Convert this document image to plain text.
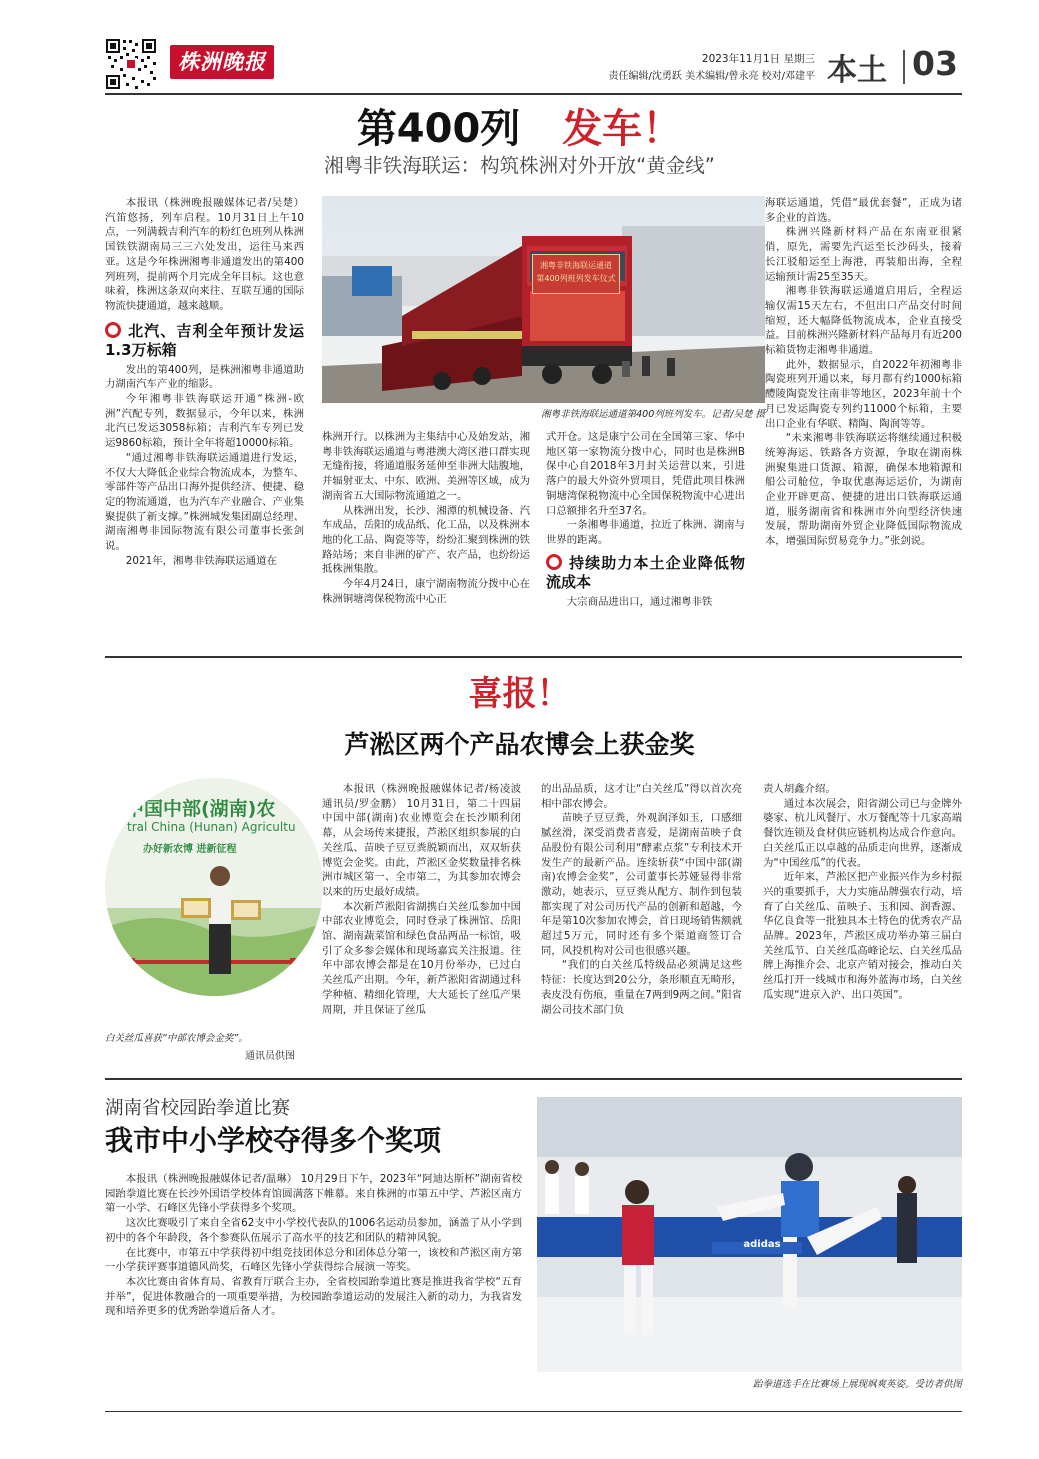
株洲晚报	2023年11月1日 星期三
责任编辑/沈勇跃 美术编辑/曾永亮 校对/邓建平 本土 03
第400列 发车！
湘粤非铁海联运：构筑株洲对外开放“黄金线”

本报讯（株洲晚报融媒体记者/吴楚） 汽笛悠扬，列车启程。10月31日上午10点，一列满载吉利汽车的粉红色班列从株洲国铁铁湖南局三三六处发出，运往马来西亚。这是今年株洲湘粤非通道发出的第400列班列，提前两个月完成全年目标。这也意味着，株洲这条双向来往、互联互通的国际物流快捷通道，越来越顺。

北汽、吉利全年预计发运1.3万标箱

发出的第400列，是株洲湘粤非通道助力湖南汽车产业的缩影。

今年湘粤非铁海联运开通“株洲-欧洲”汽配专列，数据显示，今年以来，株洲北汽已发运3058标箱；吉利汽车专列已发运9860标箱，预计全年将超10000标箱。

“通过湘粤非铁海联运通道进行发运，不仅大大降低企业综合物流成本，为整车、零部件等产品出口海外提供经济、便捷、稳定的物流通道，也为汽车产业融合、产业集聚提供了新支撑。”株洲城发集团副总经理、湖南湘粤非国际物流有限公司董事长张剑说。

2021年，湘粤非铁海联运通道在

湘粤非铁海联运通道
第400列班列发车仪式
湘粤非铁海联运通道第400列班列发车。记者/吴楚 摄

株洲开行。以株洲为主集结中心及始发站，湘粤非铁海联运通道与粤港澳大湾区港口群实现无缝衔接，将通道服务延伸至非洲大陆腹地，并辐射亚太、中东、欧洲、美洲等区域，成为湖南省五大国际物流通道之一。

从株洲出发，长沙、湘潭的机械设备、汽车成品，岳阳的成品纸、化工品，以及株洲本地的化工品、陶瓷等等，纷纷汇聚到株洲的铁路站场；来自非洲的矿产、农产品，也纷纷运抵株洲集散。

今年4月24日，康宁湖南物流分拨中心在株洲铜塘湾保税物流中心正

式开仓。这是康宁公司在全国第三家、华中地区第一家物流分拨中心，同时也是株洲B保中心自2018年3月封关运营以来，引进落户的最大外资外贸项目，凭借此项目株洲铜塘湾保税物流中心全国保税物流中心进出口总额排名升至37名。

一条湘粤非通道，拉近了株洲、湖南与世界的距离。

持续助力本土企业降低物流成本

大宗商品进出口，通过湘粤非铁

海联运通道，凭借“最优套餐”，正成为诸多企业的首选。

株洲兴隆新材料产品在东南亚很紧俏，原先，需要先汽运至长沙码头，接着长江驳船运至上海港，再装船出海，全程运输预计需25至35天。

湘粤非铁海联运通道启用后，全程运输仅需15天左右，不但出口产品交付时间缩短，还大幅降低物流成本，企业直接受益。目前株洲兴隆新材料产品每月有近200标箱货物走湘粤非通道。

此外，数据显示，自2022年初湘粤非陶瓷班列开通以来，每月都有约1000标箱醴陵陶瓷发往南非等地区，2023年前十个月已发运陶瓷专列约11000个标箱，主要出口企业有华联、精陶、陶润等等。

“未来湘粤非铁海联运将继续通过积极统筹海运、铁路各方资源，争取在湖南株洲聚集进口货源、箱源，确保本地箱源和船公司舱位，争取优惠海运运价，为湖南企业开辟更高、便捷的进出口铁海联运通道，服务湖南省和株洲市外向型经济快速发展，帮助湖南外贸企业降低国际物流成本，增强国际贸易竞争力。”张剑说。

喜报！
芦淞区两个产品农博会上获金奖
中国中部(湖南)农
tral China (Hunan) Agricultu
办好新农博 进新征程
白关丝瓜喜获“中部农博会金奖”。
通讯员供图

本报讯（株洲晚报融媒体记者/杨凌波 通讯员/罗金鹏） 10月31日，第二十四届中国中部(湖南)农业博览会在长沙顺利闭幕，从会场传来捷报，芦淞区组织参展的白关丝瓜、苗映子豆豆粪脱颖而出，双双斩获博览会金奖。由此，芦淞区金奖数量排名株洲市城区第一、全市第二，为其参加农博会以来的历史最好成绩。

本次新芦淞阳省湖携白关丝瓜参加中国中部农业博览会，同时登录了株洲馆、岳阳馆、湖南蔬菜馆和绿色食品两品一标馆，吸引了众多参会媒体和现场嘉宾关注报道。往年中部农博会都是在10月份举办，已过白关丝瓜产出期。今年，新芦淞阳省湖通过科学种植、精细化管理，大大延长了丝瓜产果周期，并且保证了丝瓜

的出品品质，这才让“白关丝瓜”得以首次亮相中部农博会。

苗映子豆豆粪，外观润泽如玉，口感细腻丝滑，深受消费者喜爱，是湖南苗映子食品股份有限公司利用“酵素点浆”专利技术开发生产的最新产品。连续斩获“中国中部(湖南)农博会金奖”，公司董事长苏娅显得非常激动，她表示，豆豆粪从配方、制作到包装都实现了对公司历代产品的创新和超越，今年是第10次参加农博会，首日现场销售额就超过5万元，同时还有多个渠道商签订合同，风投机构对公司也很感兴趣。

“我们的白关丝瓜特级品必须满足这些特征：长度达到20公分，条形顺直无畸形，表皮没有伤痕，重量在7两到9两之间。”阳省湖公司技术部门负

责人胡鑫介绍。

通过本次展会，阳省湖公司已与金牌外婆家、杭儿风餐厅、水万餐配等十几家高端餐饮连锁及食材供应链机构达成合作意向。白关丝瓜正以卓越的品质走向世界，逐渐成为“中国丝瓜”的代表。

近年来，芦淞区把产业振兴作为乡村振兴的重要抓手，大力实施品牌强农行动，培育了白关丝瓜、苗映子、玉和园、润香源、华亿良食等一批独具本土特色的优秀农产品品牌。2023年，芦淞区成功举办第三届白关丝瓜节、白关丝瓜高峰论坛、白关丝瓜品牌上海推介会、北京产销对接会，推动白关丝瓜打开一线城市和海外蓝海市场，白关丝瓜实现“进京入沪、出口英国”。

湖南省校园跆拳道比赛
我市中小学校夺得多个奖项

本报讯（株洲晚报融媒体记者/温琳） 10月29日下午，2023年“阿迪达斯杯”湖南省校园跆拳道比赛在长沙外国语学校体育馆圆满落下帷幕。来自株洲的市第五中学、芦淞区南方第一小学、石峰区先锋小学获得多个奖项。

这次比赛吸引了来自全省62支中小学校代表队的1006名运动员参加，涵盖了从小学到初中的各个年龄段，各个参赛队伍展示了高水平的技艺和团队的精神风貌。

在比赛中，市第五中学获得初中组竞技团体总分和团体总分第一，该校和芦淞区南方第一小学获评赛事道德风尚奖，石峰区先锋小学获得综合展演一等奖。

本次比赛由省体育局、省教育厅联合主办，全省校园跆拳道比赛是推进我省学校“五育并举”，促进体教融合的一项重要举措，为校园跆拳道运动的发展注入新的动力，为我省发现和培养更多的优秀跆拳道后备人才。

adidas
跆拳道选手在比赛场上展现飒爽英姿。受访者供图
